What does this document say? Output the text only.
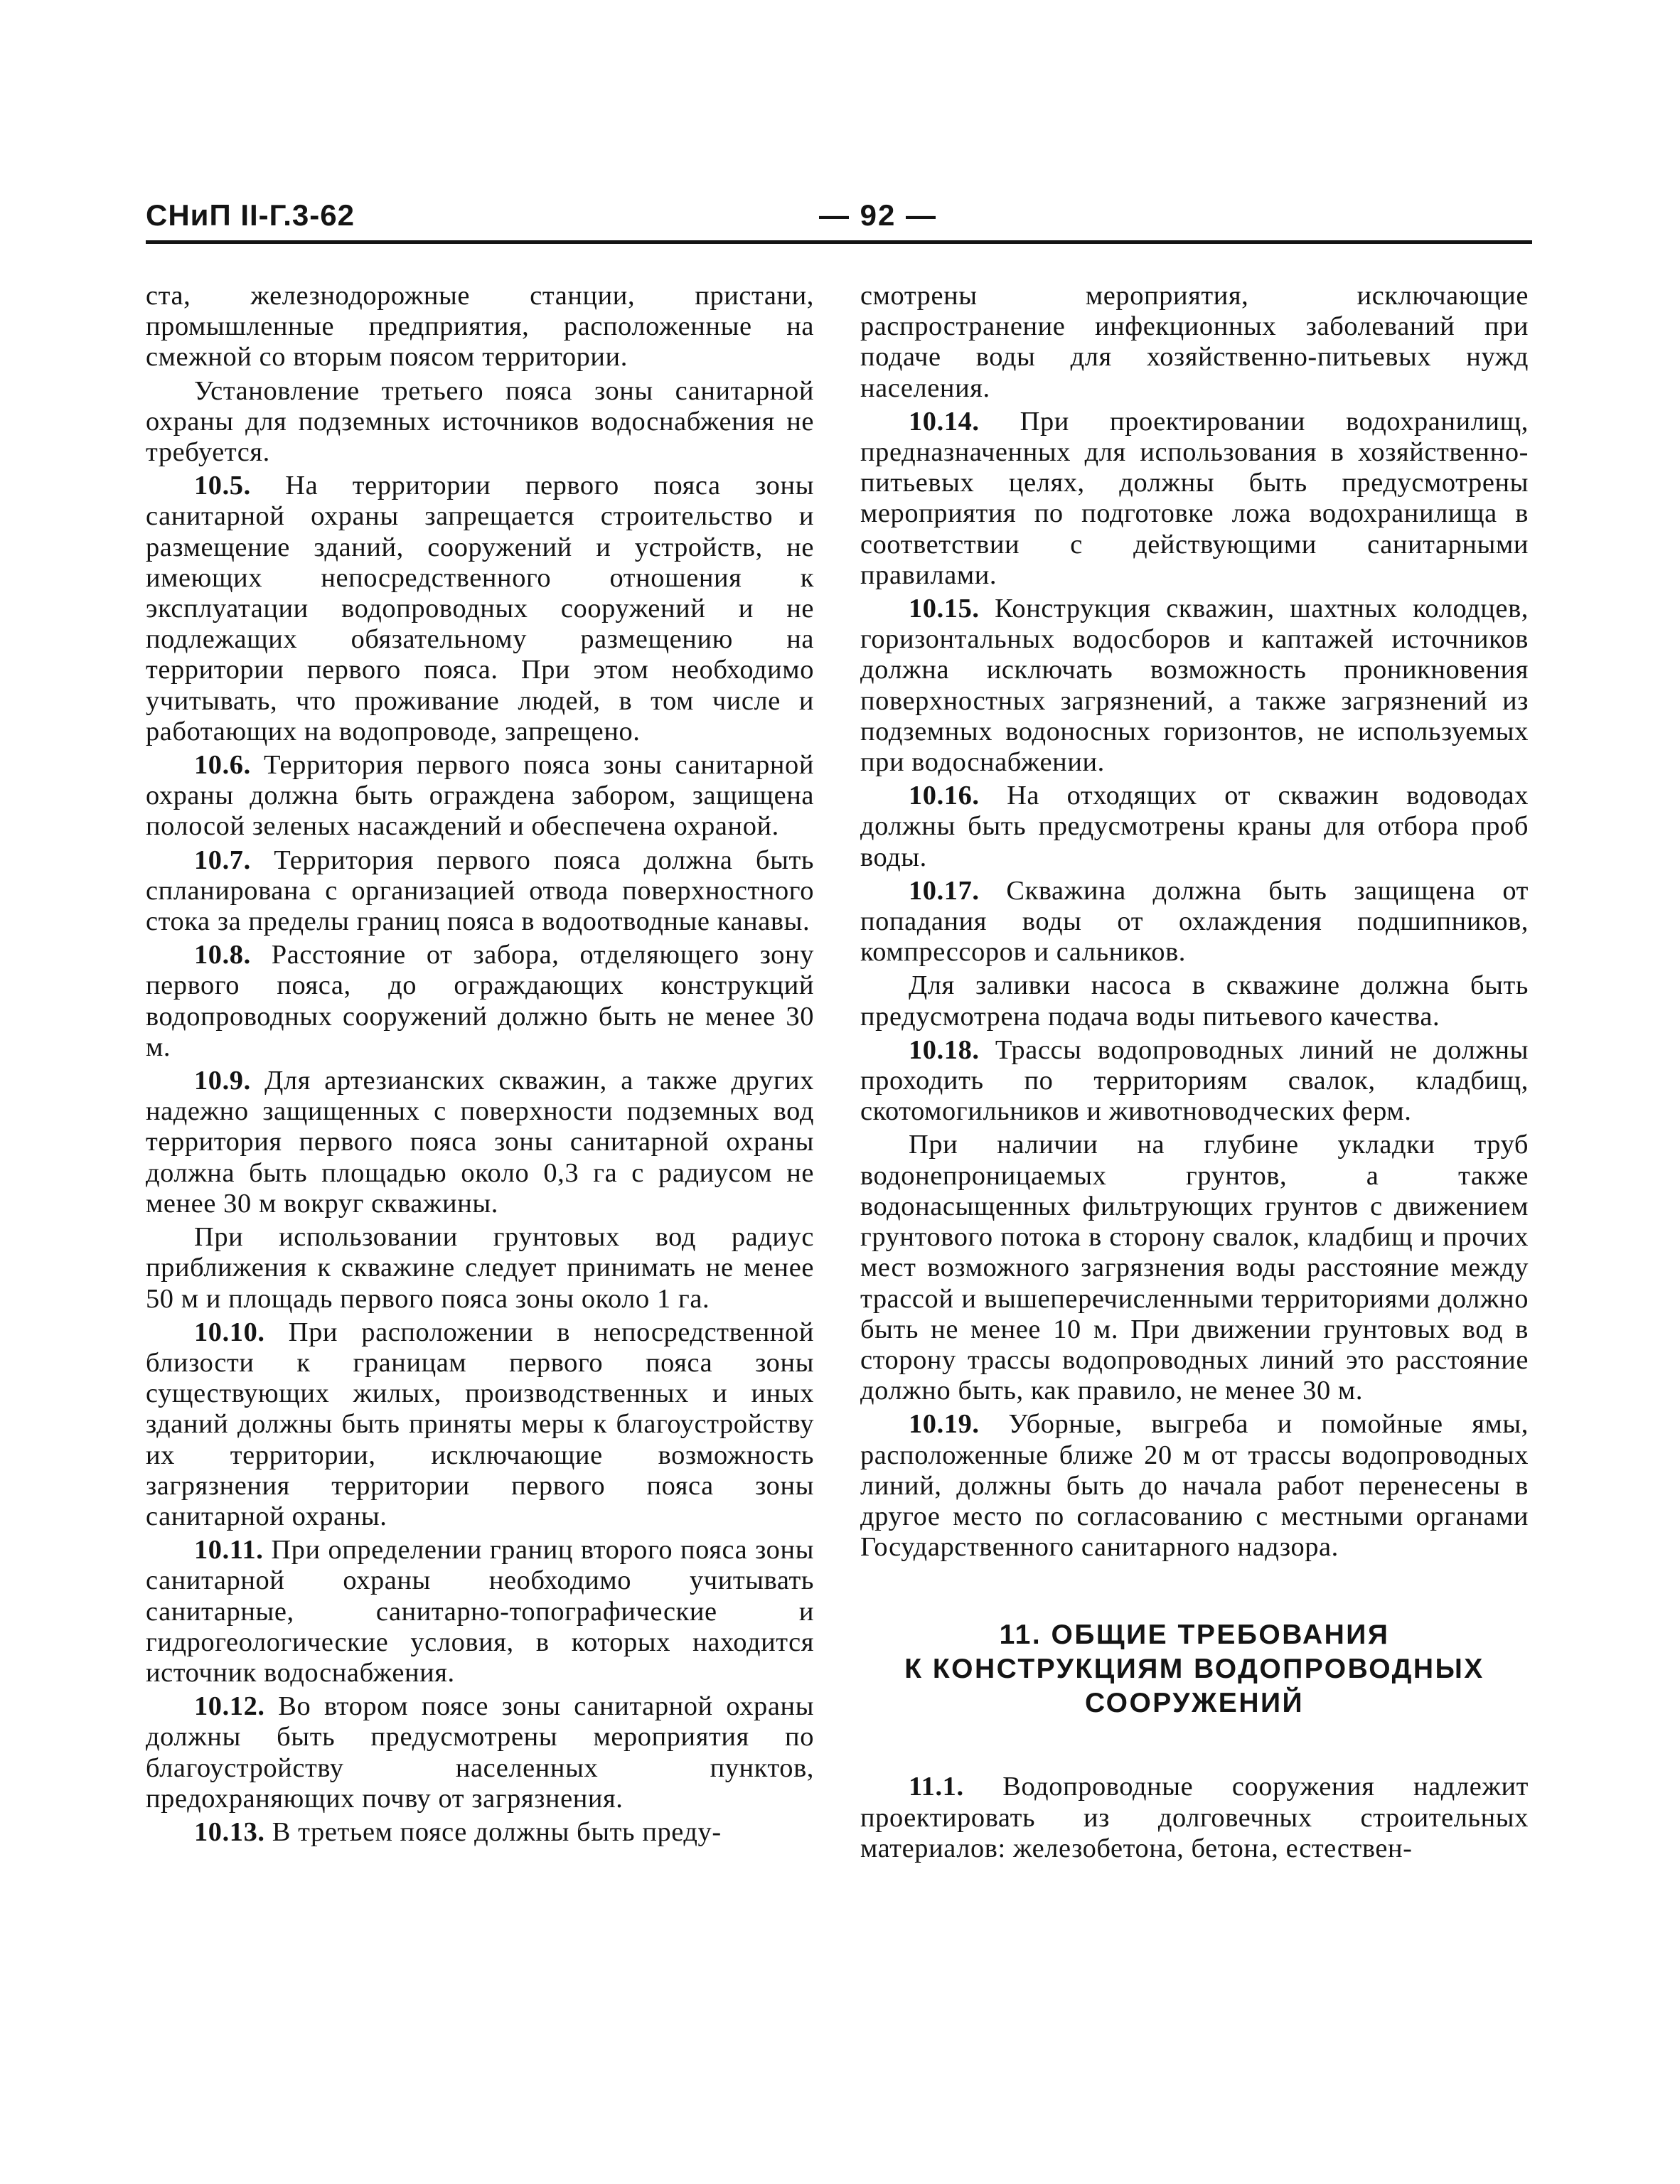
СНиП II-Г.3-62	— 92 —

ста, железнодорожные станции, пристани, промышленные предприятия, расположенные на смежной со вторым поясом территории.

Установление третьего пояса зоны санитарной охраны для подземных источников водоснабжения не требуется.

10.5. На территории первого пояса зоны санитарной охраны запрещается строительство и размещение зданий, сооружений и устройств, не имеющих непосредственного отношения к эксплуатации водопроводных сооружений и не подлежащих обязательному размещению на территории первого пояса. При этом необходимо учитывать, что проживание людей, в том числе и работающих на водопроводе, запрещено.

10.6. Территория первого пояса зоны санитарной охраны должна быть ограждена забором, защищена полосой зеленых насаждений и обеспечена охраной.

10.7. Территория первого пояса должна быть спланирована с организацией отвода поверхностного стока за пределы границ пояса в водоотводные канавы.

10.8. Расстояние от забора, отделяющего зону первого пояса, до ограждающих конструкций водопроводных сооружений должно быть не менее 30 м.

10.9. Для артезианских скважин, а также других надежно защищенных с поверхности подземных вод территория первого пояса зоны санитарной охраны должна быть площадью около 0,3 га с радиусом не менее 30 м вокруг скважины.

При использовании грунтовых вод радиус приближения к скважине следует принимать не менее 50 м и площадь первого пояса зоны около 1 га.

10.10. При расположении в непосредственной близости к границам первого пояса зоны существующих жилых, производственных и иных зданий должны быть приняты меры к благоустройству их территории, исключающие возможность загрязнения территории первого пояса зоны санитарной охраны.

10.11. При определении границ второго пояса зоны санитарной охраны необходимо учитывать санитарные, санитарно-топографические и гидрогеологические условия, в которых находится источник водоснабжения.

10.12. Во втором поясе зоны санитарной охраны должны быть предусмотрены мероприятия по благоустройству населенных пунктов, предохраняющих почву от загрязнения.

10.13. В третьем поясе должны быть преду-

смотрены мероприятия, исключающие распространение инфекционных заболеваний при подаче воды для хозяйственно-питьевых нужд населения.

10.14. При проектировании водохранилищ, предназначенных для использования в хозяйственно-питьевых целях, должны быть предусмотрены мероприятия по подготовке ложа водохранилища в соответствии с действующими санитарными правилами.

10.15. Конструкция скважин, шахтных колодцев, горизонтальных водосборов и каптажей источников должна исключать возможность проникновения поверхностных загрязнений, а также загрязнений из подземных водоносных горизонтов, не используемых при водоснабжении.

10.16. На отходящих от скважин водоводах должны быть предусмотрены краны для отбора проб воды.

10.17. Скважина должна быть защищена от попадания воды от охлаждения подшипников, компрессоров и сальников.

Для заливки насоса в скважине должна быть предусмотрена подача воды питьевого качества.

10.18. Трассы водопроводных линий не должны проходить по территориям свалок, кладбищ, скотомогильников и животноводческих ферм.

При наличии на глубине укладки труб водонепроницаемых грунтов, а также водонасыщенных фильтрующих грунтов с движением грунтового потока в сторону свалок, кладбищ и прочих мест возможного загрязнения воды расстояние между трассой и вышеперечисленными территориями должно быть не менее 10 м. При движении грунтовых вод в сторону трассы водопроводных линий это расстояние должно быть, как правило, не менее 30 м.

10.19. Уборные, выгреба и помойные ямы, расположенные ближе 20 м от трассы водопроводных линий, должны быть до начала работ перенесены в другое место по согласованию с местными органами Государственного санитарного надзора.

11. ОБЩИЕ ТРЕБОВАНИЯ
К КОНСТРУКЦИЯМ ВОДОПРОВОДНЫХ
СООРУЖЕНИЙ

11.1. Водопроводные сооружения надлежит проектировать из долговечных строительных материалов: железобетона, бетона, естествен-
